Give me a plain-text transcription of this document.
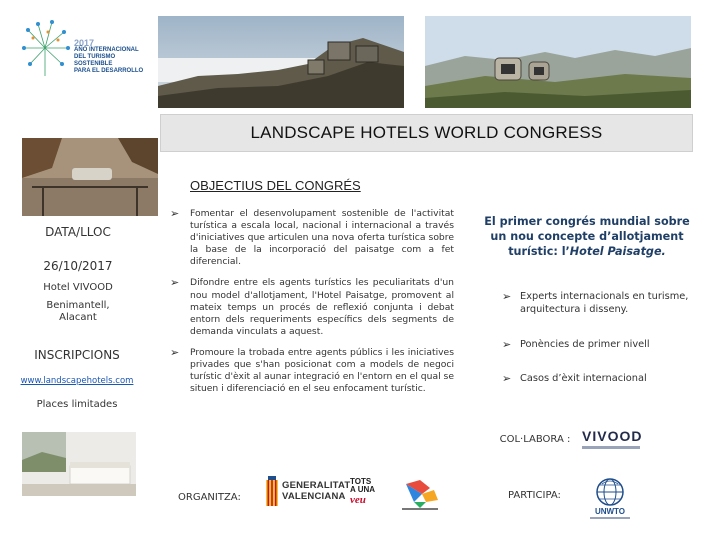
2017
AÑO INTERNACIONAL
DEL TURISMO SOSTENIBLE
PARA EL DESARROLLO
LANDSCAPE HOTELS WORLD CONGRESS
OBJECTIUS DEL CONGRÉS
DATA/LLOC
26/10/2017
Hotel VIVOOD
Benimantell, Alacant
INSCRIPCIONS
www.landscapehotels.com
Places limitades
➢	Fomentar el desenvolupament sostenible de l'activitat turística a escala local, nacional i internacional a través d'iniciatives que articulen una nova oferta turística sobre la base de la incorporació del paisatge com a fet diferencial.
➢	Difondre entre els agents turístics les peculiaritats d'un nou model d'allotjament, l'Hotel Paisatge, promovent al mateix temps un procés de reflexió conjunta i debat entorn dels requeriments específics dels segments de demanda vinculats a aquest.
➢	Promoure la trobada entre agents públics i les iniciatives privades que s'han posicionat com a models de negoci turístic d'èxit al aunar integració en l'entorn en el qual se situen i diferenciació en el seu enfocament turístic.
El primer congrés mundial sobre un nou concepte d’allotjament turístic: l’Hotel Paisatge.
➢ Experts internacionals en turisme, arquitectura i disseny.
➢ Ponències de primer nivell
➢ Casos d’èxit internacional
COL·LABORA : VIVOOD
ORGANITZA:
GENERALITAT
VALENCIANA
TOTS
A UNA
veu	PARTICIPA:
UNWTO
